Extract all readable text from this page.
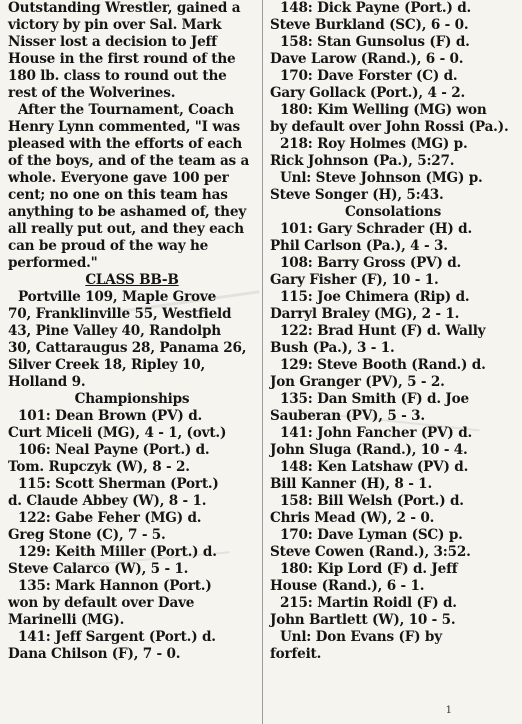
Outstanding Wrestler, gained a
victory by pin over Sal. Mark
Nisser lost a decision to Jeff
House in the first round of the
180 lb. class to round out the
rest of the Wolverines.
After the Tournament, Coach
Henry Lynn commented, "I was
pleased with the efforts of each
of the boys, and of the team as a
whole. Everyone gave 100 per
cent; no one on this team has
anything to be ashamed of, they
all really put out, and they each
can be proud of the way he
performed."
CLASS BB-B
Portville 109, Maple Grove
70, Franklinville 55, Westfield
43, Pine Valley 40, Randolph
30, Cattaraugus 28, Panama 26,
Silver Creek 18, Ripley 10,
Holland 9.
Championships
101: Dean Brown (PV) d.
Curt Miceli (MG), 4 - 1, (ovt.)
106: Neal Payne (Port.) d.
Tom. Rupczyk (W), 8 - 2.
115: Scott Sherman (Port.)
d. Claude Abbey (W), 8 - 1.
122: Gabe Feher (MG) d.
Greg Stone (C), 7 - 5.
129: Keith Miller (Port.) d.
Steve Calarco (W), 5 - 1.
135: Mark Hannon (Port.)
won by default over Dave
Marinelli (MG).
141: Jeff Sargent (Port.) d.
Dana Chilson (F), 7 - 0.
148: Dick Payne (Port.) d.
Steve Burkland (SC), 6 - 0.
158: Stan Gunsolus (F) d.
Dave Larow (Rand.), 6 - 0.
170: Dave Forster (C) d.
Gary Gollack (Port.), 4 - 2.
180: Kim Welling (MG) won
by default over John Rossi (Pa.).
218: Roy Holmes (MG) p.
Rick Johnson (Pa.), 5:27.
Unl: Steve Johnson (MG) p.
Steve Songer (H), 5:43.
Consolations
101: Gary Schrader (H) d.
Phil Carlson (Pa.), 4 - 3.
108: Barry Gross (PV) d.
Gary Fisher (F), 10 - 1.
115: Joe Chimera (Rip) d.
Darryl Braley (MG), 2 - 1.
122: Brad Hunt (F) d. Wally
Bush (Pa.), 3 - 1.
129: Steve Booth (Rand.) d.
Jon Granger (PV), 5 - 2.
135: Dan Smith (F) d. Joe
Sauberan (PV), 5 - 3.
141: John Fancher (PV) d.
John Sluga (Rand.), 10 - 4.
148: Ken Latshaw (PV) d.
Bill Kanner (H), 8 - 1.
158: Bill Welsh (Port.) d.
Chris Mead (W), 2 - 0.
170: Dave Lyman (SC) p.
Steve Cowen (Rand.), 3:52.
180: Kip Lord (F) d. Jeff
House (Rand.), 6 - 1.
215: Martin Roidl (F) d.
John Bartlett (W), 10 - 5.
Unl: Don Evans (F) by
forfeit.
1
